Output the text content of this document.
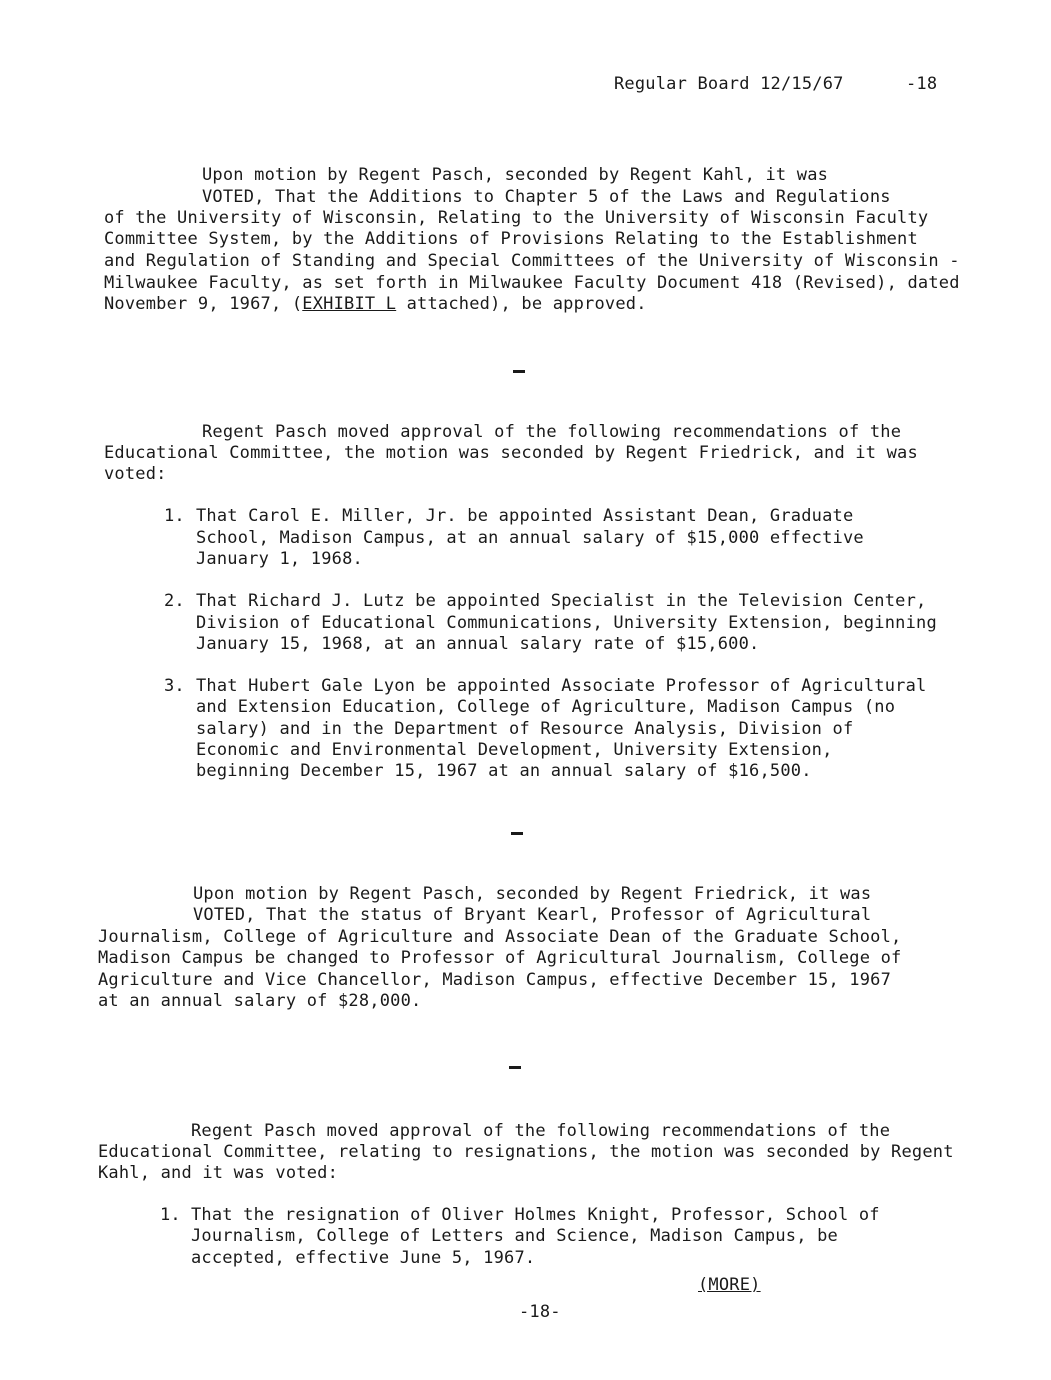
Regular Board 12/15/67	-18
Upon motion by Regent Pasch, seconded by Regent Kahl, it was
VOTED, That the Additions to Chapter 5 of the Laws and Regulations
of the University of Wisconsin, Relating to the University of Wisconsin Faculty
Committee System, by the Additions of Provisions Relating to the Establishment
and Regulation of Standing and Special Committees of the University of Wisconsin -
Milwaukee Faculty, as set forth in Milwaukee Faculty Document 418 (Revised), dated
November 9, 1967, (EXHIBIT L attached), be approved.
Regent Pasch moved approval of the following recommendations of the
Educational Committee, the motion was seconded by Regent Friedrick, and it was
voted:
1. That Carol E. Miller, Jr. be appointed Assistant Dean, Graduate
School, Madison Campus, at an annual salary of $15,000 effective
January 1, 1968.
2. That Richard J. Lutz be appointed Specialist in the Television Center,
Division of Educational Communications, University Extension, beginning
January 15, 1968, at an annual salary rate of $15,600.
3. That Hubert Gale Lyon be appointed Associate Professor of Agricultural
and Extension Education, College of Agriculture, Madison Campus (no
salary) and in the Department of Resource Analysis, Division of
Economic and Environmental Development, University Extension,
beginning December 15, 1967 at an annual salary of $16,500.
Upon motion by Regent Pasch, seconded by Regent Friedrick, it was
VOTED, That the status of Bryant Kearl, Professor of Agricultural
Journalism, College of Agriculture and Associate Dean of the Graduate School,
Madison Campus be changed to Professor of Agricultural Journalism, College of
Agriculture and Vice Chancellor, Madison Campus, effective December 15, 1967
at an annual salary of $28,000.
Regent Pasch moved approval of the following recommendations of the
Educational Committee, relating to resignations, the motion was seconded by Regent
Kahl, and it was voted:
1. That the resignation of Oliver Holmes Knight, Professor, School of
Journalism, College of Letters and Science, Madison Campus, be
accepted, effective June 5, 1967.
(MORE)
-18-
